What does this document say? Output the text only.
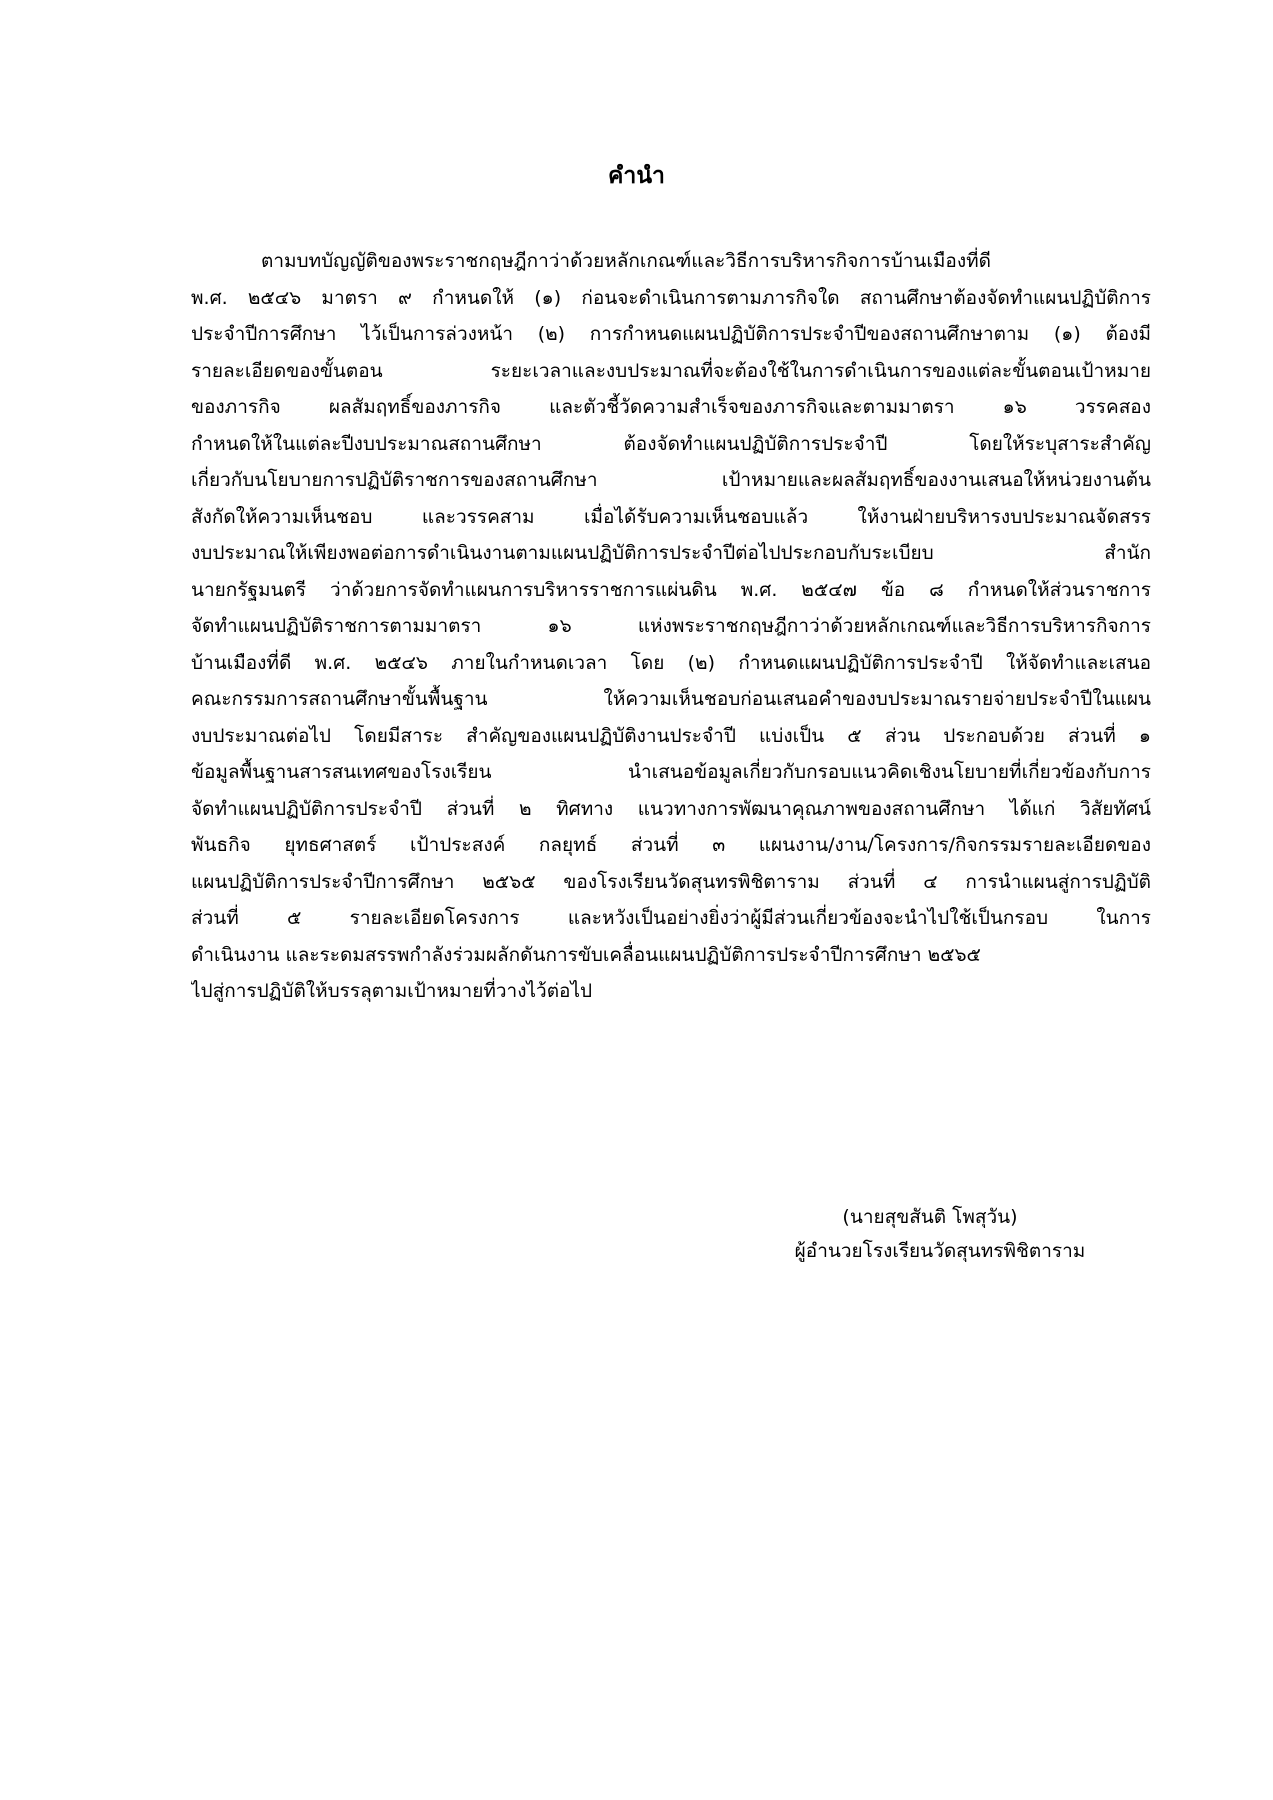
คำนำ
ตามบทบัญญัติของพระราชกฤษฎีกาว่าด้วยหลักเกณฑ์และวิธีการบริหารกิจการบ้านเมืองที่ดี
พ.ศ. ๒๕๔๖ มาตรา ๙ กำหนดให้ (๑) ก่อนจะดำเนินการตามภารกิจใด สถานศึกษาต้องจัดทำแผนปฏิบัติการ
ประจำปีการศึกษา ไว้เป็นการล่วงหน้า (๒) การกำหนดแผนปฏิบัติการประจำปีของสถานศึกษาตาม (๑) ต้องมี
รายละเอียดของขั้นตอน ระยะเวลาและงบประมาณที่จะต้องใช้ในการดำเนินการของแต่ละขั้นตอนเป้าหมาย
ของภารกิจ ผลสัมฤทธิ์ของภารกิจ และตัวชี้วัดความสำเร็จของภารกิจและตามมาตรา ๑๖ วรรคสอง
กำหนดให้ในแต่ละปีงบประมาณสถานศึกษา ต้องจัดทำแผนปฏิบัติการประจำปี โดยให้ระบุสาระสำคัญ
เกี่ยวกับนโยบายการปฏิบัติราชการของสถานศึกษา เป้าหมายและผลสัมฤทธิ์ของงานเสนอให้หน่วยงานต้น
สังกัดให้ความเห็นชอบ และวรรคสาม เมื่อได้รับความเห็นชอบแล้ว ให้งานฝ่ายบริหารงบประมาณจัดสรร
งบประมาณให้เพียงพอต่อการดำเนินงานตามแผนปฏิบัติการประจำปีต่อไปประกอบกับระเบียบ สำนัก
นายกรัฐมนตรี ว่าด้วยการจัดทำแผนการบริหารราชการแผ่นดิน พ.ศ. ๒๕๔๗ ข้อ ๘ กำหนดให้ส่วนราชการ
จัดทำแผนปฏิบัติราชการตามมาตรา ๑๖ แห่งพระราชกฤษฎีกาว่าด้วยหลักเกณฑ์และวิธีการบริหารกิจการ
บ้านเมืองที่ดี พ.ศ. ๒๕๔๖ ภายในกำหนดเวลา โดย (๒) กำหนดแผนปฏิบัติการประจำปี ให้จัดทำและเสนอ
คณะกรรมการสถานศึกษาขั้นพื้นฐาน ให้ความเห็นชอบก่อนเสนอคำของบประมาณรายจ่ายประจำปีในแผน
งบประมาณต่อไป โดยมีสาระ สำคัญของแผนปฏิบัติงานประจำปี แบ่งเป็น ๕ ส่วน ประกอบด้วย ส่วนที่ ๑
ข้อมูลพื้นฐานสารสนเทศของโรงเรียน นำเสนอข้อมูลเกี่ยวกับกรอบแนวคิดเชิงนโยบายที่เกี่ยวข้องกับการ
จัดทำแผนปฏิบัติการประจำปี ส่วนที่ ๒ ทิศทาง แนวทางการพัฒนาคุณภาพของสถานศึกษา ได้แก่ วิสัยทัศน์
พันธกิจ ยุทธศาสตร์ เป้าประสงค์ กลยุทธ์ ส่วนที่ ๓ แผนงาน/งาน/โครงการ/กิจกรรมรายละเอียดของ
แผนปฏิบัติการประจำปีการศึกษา ๒๕๖๕ ของโรงเรียนวัดสุนทรพิชิตาราม ส่วนที่ ๔ การนำแผนสู่การปฏิบัติ
ส่วนที่ ๕ รายละเอียดโครงการ และหวังเป็นอย่างยิ่งว่าผู้มีส่วนเกี่ยวข้องจะนำไปใช้เป็นกรอบ ในการ
ดำเนินงาน และระดมสรรพกำลังร่วมผลักดันการขับเคลื่อนแผนปฏิบัติการประจำปีการศึกษา ๒๕๖๕
ไปสู่การปฏิบัติให้บรรลุตามเป้าหมายที่วางไว้ต่อไป
(นายสุขสันติ โพสุวัน)
ผู้อำนวยโรงเรียนวัดสุนทรพิชิตาราม
